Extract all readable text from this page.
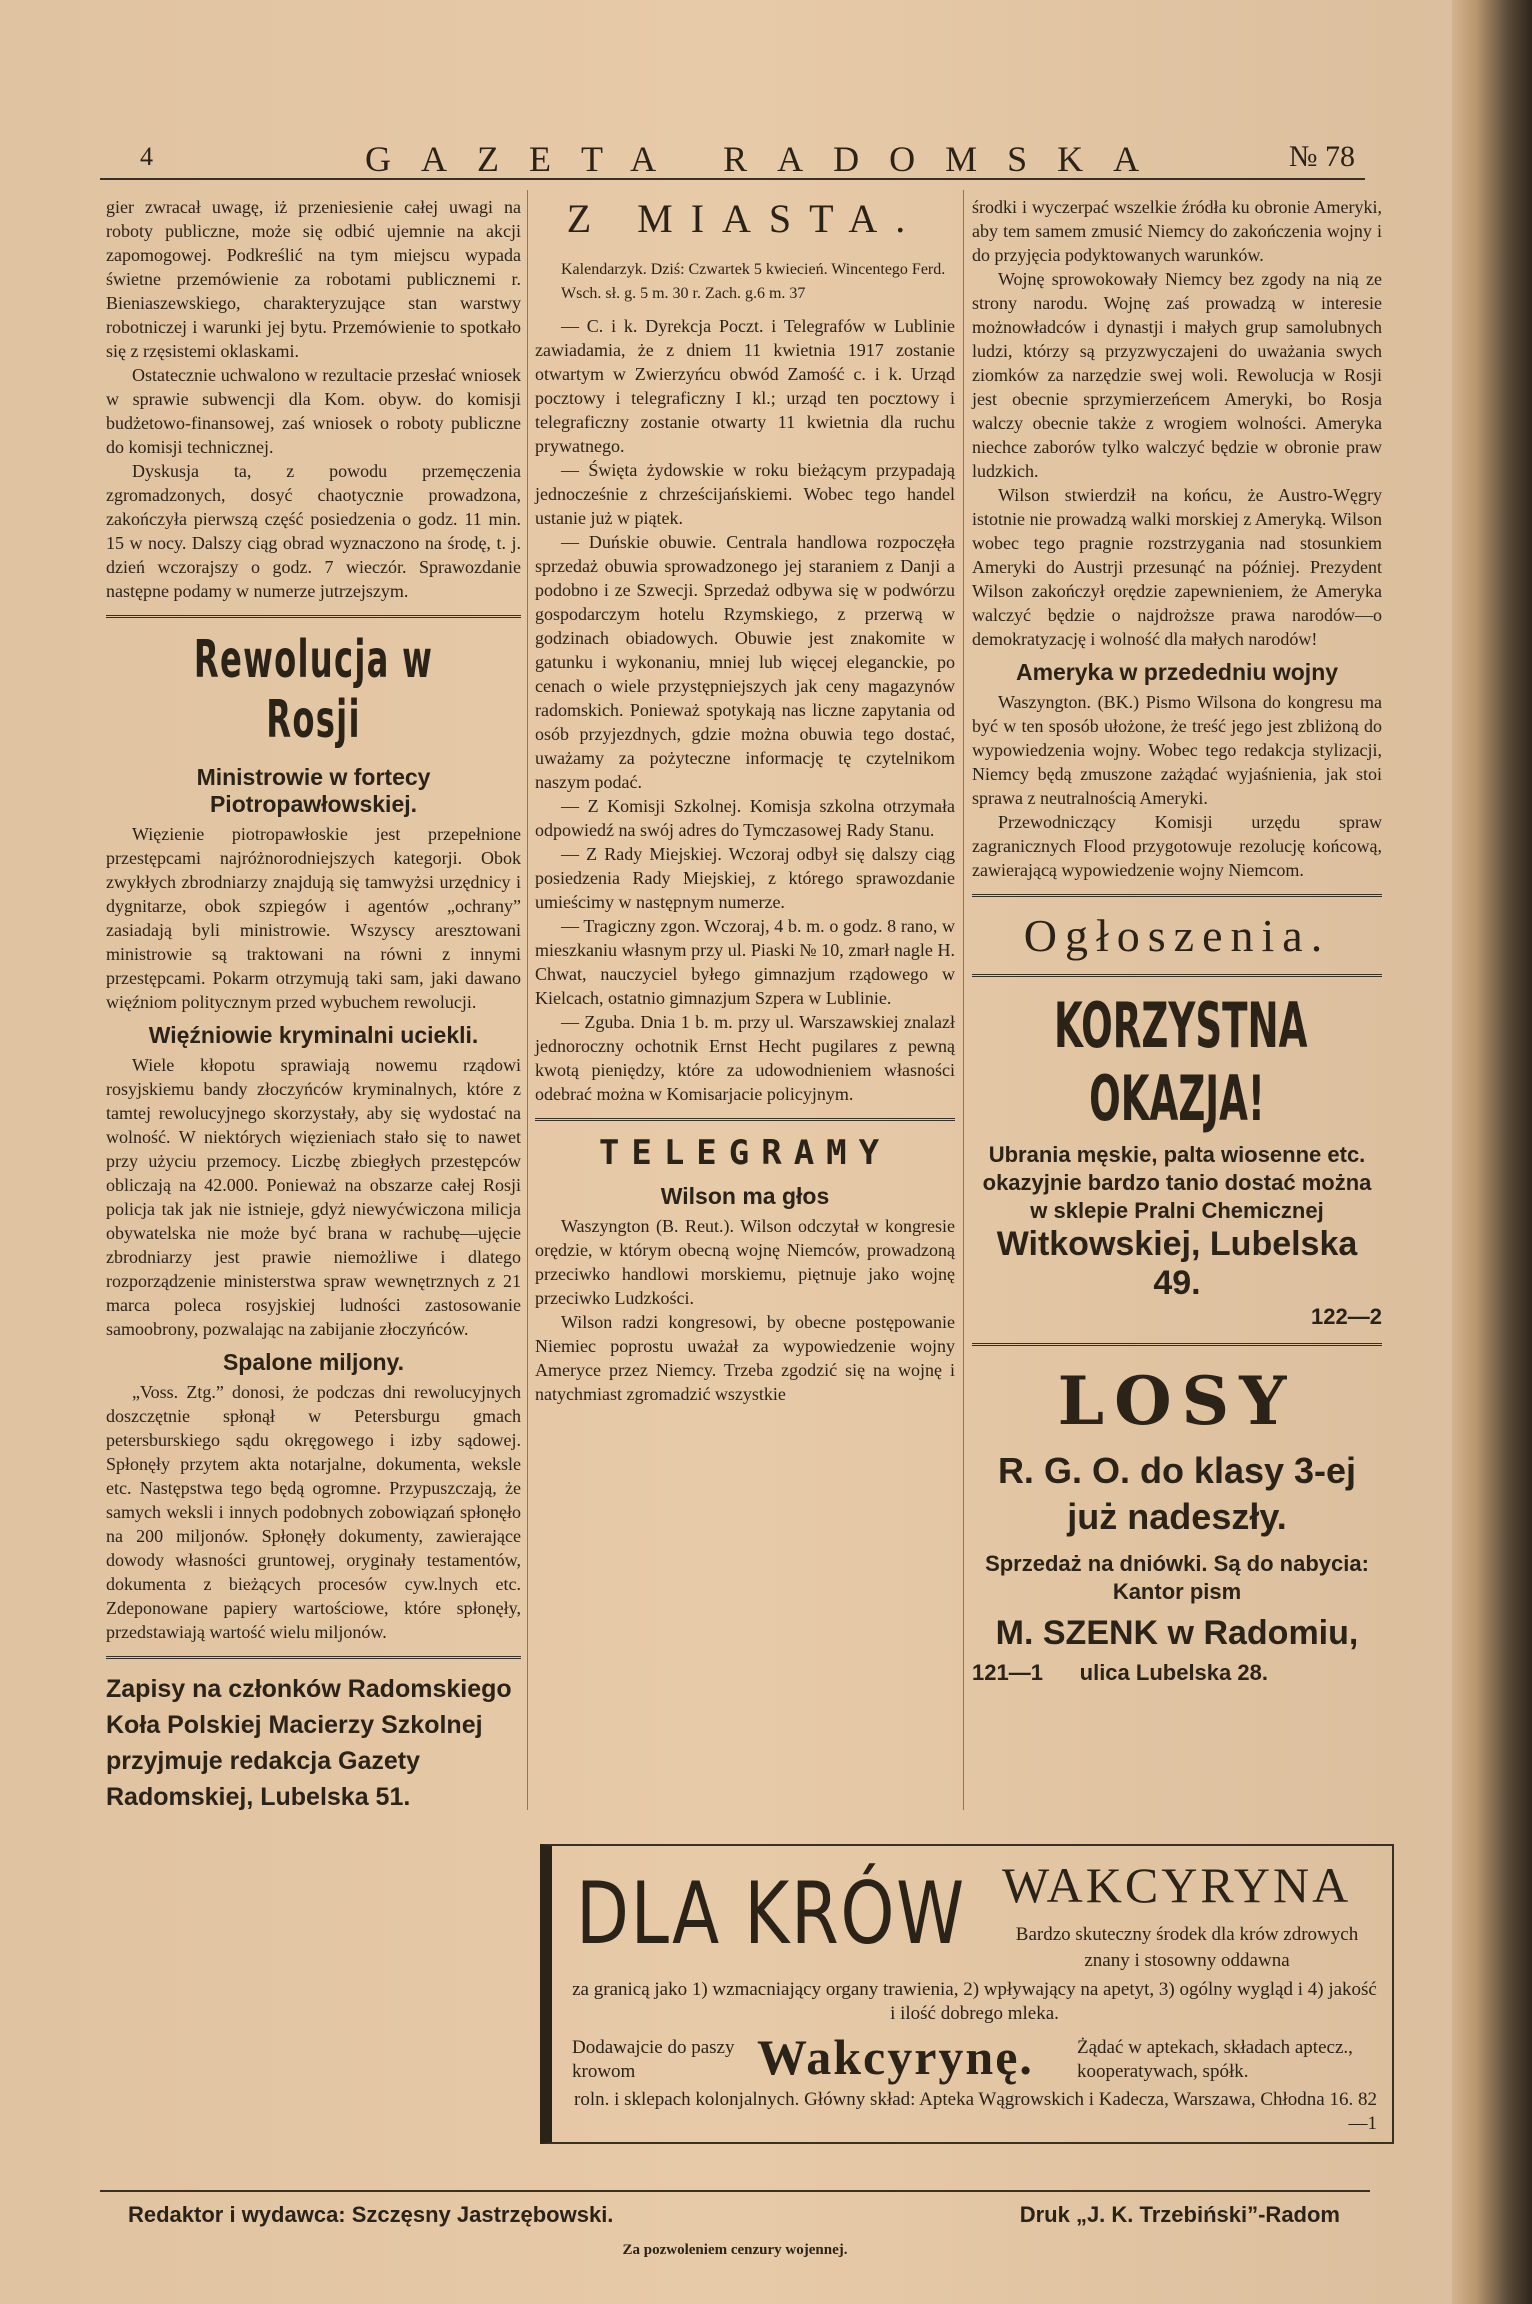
4	GAZETA RADOMSKA	№ 78

gier zwracał uwagę, iż przeniesienie całej uwagi na roboty publiczne, może się odbić ujemnie na akcji zapomogowej. Podkreślić na tym miejscu wypada świetne przemówienie za robotami publicznemi r. Bieniaszewskiego, charakteryzujące stan warstwy robotniczej i warunki jej bytu. Przemówienie to spotkało się z rzęsistemi oklaskami.

Ostatecznie uchwalono w rezultacie przesłać wniosek w sprawie subwencji dla Kom. obyw. do komisji budżetowo-finansowej, zaś wniosek o roboty publiczne do komisji technicznej.

Dyskusja ta, z powodu przemęczenia zgromadzonych, dosyć chaotycznie prowadzona, zakończyła pierwszą część posiedzenia o godz. 11 min. 15 w nocy. Dalszy ciąg obrad wyznaczono na środę, t. j. dzień wczorajszy o godz. 7 wieczór. Sprawozdanie następne podamy w numerze jutrzejszym.

Rewolucja w Rosji
Ministrowie w fortecy Piotropawłowskiej.

Więzienie piotropawłoskie jest przepełnione przestępcami najróżnorodniejszych kategorji. Obok zwykłych zbrodniarzy znajdują się tamwyżsi urzędnicy i dygnitarze, obok szpiegów i agentów „ochrany” zasiadają byli ministrowie. Wszyscy aresztowani ministrowie są traktowani na równi z innymi przestępcami. Pokarm otrzymują taki sam, jaki dawano więźniom politycznym przed wybuchem rewolucji.

Więźniowie kryminalni uciekli.

Wiele kłopotu sprawiają nowemu rządowi rosyjskiemu bandy złoczyńców kryminalnych, które z tamtej rewolucyjnego skorzystały, aby się wydostać na wolność. W niektórych więzieniach stało się to nawet przy użyciu przemocy. Liczbę zbiegłych przestępców obliczają na 42.000. Ponieważ na obszarze całej Rosji policja tak jak nie istnieje, gdyż niewyćwiczona milicja obywatelska nie może być brana w rachubę—ujęcie zbrodniarzy jest prawie niemożliwe i dlatego rozporządzenie ministerstwa spraw wewnętrznych z 21 marca poleca rosyjskiej ludności zastosowanie samoobrony, pozwalając na zabijanie złoczyńców.

Spalone miljony.

„Voss. Ztg.” donosi, że podczas dni rewolucyjnych doszczętnie spłonął w Petersburgu gmach petersburskiego sądu okręgowego i izby sądowej. Spłonęły przytem akta notarjalne, dokumenta, weksle etc. Następstwa tego będą ogromne. Przypuszczają, że samych weksli i innych podobnych zobowiązań spłonęło na 200 miljonów. Spłonęły dokumenty, zawierające dowody własności gruntowej, oryginały testamentów, dokumenta z bieżących procesów cyw.lnych etc. Zdeponowane papiery wartościowe, które spłonęły, przedstawiają wartość wielu miljonów.

Zapisy na członków Radomskiego Koła Polskiej Macierzy Szkolnej przyjmuje redakcja Gazety Radomskiej, Lubelska 51.
Z MIASTA.

Kalendarzyk. Dziś: Czwartek 5 kwiecień. Wincentego Ferd.

Wsch. sł. g. 5 m. 30 r. Zach. g.6 m. 37

— C. i k. Dyrekcja Poczt. i Telegrafów w Lublinie zawiadamia, że z dniem 11 kwietnia 1917 zostanie otwartym w Zwierzyńcu obwód Zamość c. i k. Urząd pocztowy i telegraficzny I kl.; urząd ten pocztowy i telegraficzny zostanie otwarty 11 kwietnia dla ruchu prywatnego.

— Święta żydowskie w roku bieżącym przypadają jednocześnie z chrześcijańskiemi. Wobec tego handel ustanie już w piątek.

— Duńskie obuwie. Centrala handlowa rozpoczęła sprzedaż obuwia sprowadzonego jej staraniem z Danji a podobno i ze Szwecji. Sprzedaż odbywa się w podwórzu gospodarczym hotelu Rzymskiego, z przerwą w godzinach obiadowych. Obuwie jest znakomite w gatunku i wykonaniu, mniej lub więcej eleganckie, po cenach o wiele przystępniejszych jak ceny magazynów radomskich. Ponieważ spotykają nas liczne zapytania od osób przyjezdnych, gdzie można obuwia tego dostać, uważamy za pożyteczne informację tę czytelnikom naszym podać.

— Z Komisji Szkolnej. Komisja szkolna otrzymała odpowiedź na swój adres do Tymczasowej Rady Stanu.

— Z Rady Miejskiej. Wczoraj odbył się dalszy ciąg posiedzenia Rady Miejskiej, z którego sprawozdanie umieścimy w następnym numerze.

— Tragiczny zgon. Wczoraj, 4 b. m. o godz. 8 rano, w mieszkaniu własnym przy ul. Piaski № 10, zmarł nagle H. Chwat, nauczyciel byłego gimnazjum rządowego w Kielcach, ostatnio gimnazjum Szpera w Lublinie.

— Zguba. Dnia 1 b. m. przy ul. Warszawskiej znalazł jednoroczny ochotnik Ernst Hecht pugilares z pewną kwotą pieniędzy, które za udowodnieniem własności odebrać można w Komisarjacie policyjnym.

TELEGRAMY
Wilson ma głos

Waszyngton (B. Reut.). Wilson odczytał w kongresie orędzie, w którym obecną wojnę Niemców, prowadzoną przeciwko handlowi morskiemu, piętnuje jako wojnę przeciwko Ludzkości.

Wilson radzi kongresowi, by obecne postępowanie Niemiec poprostu uważał za wypowiedzenie wojny Ameryce przez Niemcy. Trzeba zgodzić się na wojnę i natychmiast zgromadzić wszystkie

środki i wyczerpać wszelkie źródła ku obronie Ameryki, aby tem samem zmusić Niemcy do zakończenia wojny i do przyjęcia podyktowanych warunków.

Wojnę sprowokowały Niemcy bez zgody na nią ze strony narodu. Wojnę zaś prowadzą w interesie możnowładców i dynastji i małych grup samolubnych ludzi, którzy są przyzwyczajeni do uważania swych ziomków za narzędzie swej woli. Rewolucja w Rosji jest obecnie sprzymierzeńcem Ameryki, bo Rosja walczy obecnie także z wrogiem wolności. Ameryka niechce zaborów tylko walczyć będzie w obronie praw ludzkich.

Wilson stwierdził na końcu, że Austro-Węgry istotnie nie prowadzą walki morskiej z Ameryką. Wilson wobec tego pragnie rozstrzygania nad stosunkiem Ameryki do Austrji przesunąć na później. Prezydent Wilson zakończył orędzie zapewnieniem, że Ameryka walczyć będzie o najdroższe prawa narodów—o demokratyzację i wolność dla małych narodów!

Ameryka w przededniu wojny

Waszyngton. (BK.) Pismo Wilsona do kongresu ma być w ten sposób ułożone, że treść jego jest zbliżoną do wypowiedzenia wojny. Wobec tego redakcja stylizacji, Niemcy będą zmuszone zażądać wyjaśnienia, jak stoi sprawa z neutralnością Ameryki.

Przewodniczący Komisji urzędu spraw zagranicznych Flood przygotowuje rezolucję końcową, zawierającą wypowiedzenie wojny Niemcom.

Ogłoszenia.
KORZYSTNA OKAZJA!
Ubrania męskie, palta wiosenne etc. okazyjnie bardzo tanio dostać można w sklepie Pralni Chemicznej
Witkowskiej, Lubelska 49.
122—2
LOSY
R. G. O. do klasy 3-ej
już nadeszły.
Sprzedaż na dniówki. Są do nabycia:
Kantor pism
M. SZENK w Radomiu,
121—1 ulica Lubelska 28.
DLA KRÓW WAKCYRYNA
Bardzo skuteczny środek dla krów zdrowych znany i stosowny oddawna
za granicą jako 1) wzmacniający organy trawienia, 2) wpływający na apetyt, 3) ogólny wygląd i 4) jakość i ilość dobrego mleka.
Dodawajcie do paszy krowom	Wakcyrynę. Żądać w aptekach, składach aptecz., kooperatywach, spółk.
roln. i sklepach kolonjalnych. Główny skład: Apteka Wągrowskich i Kadecza, Warszawa, Chłodna 16. 82—1
Redaktor i wydawca: Szczęsny Jastrzębowski.	Druk „J. K. Trzebiński”-Radom
Za pozwoleniem cenzury wojennej.
